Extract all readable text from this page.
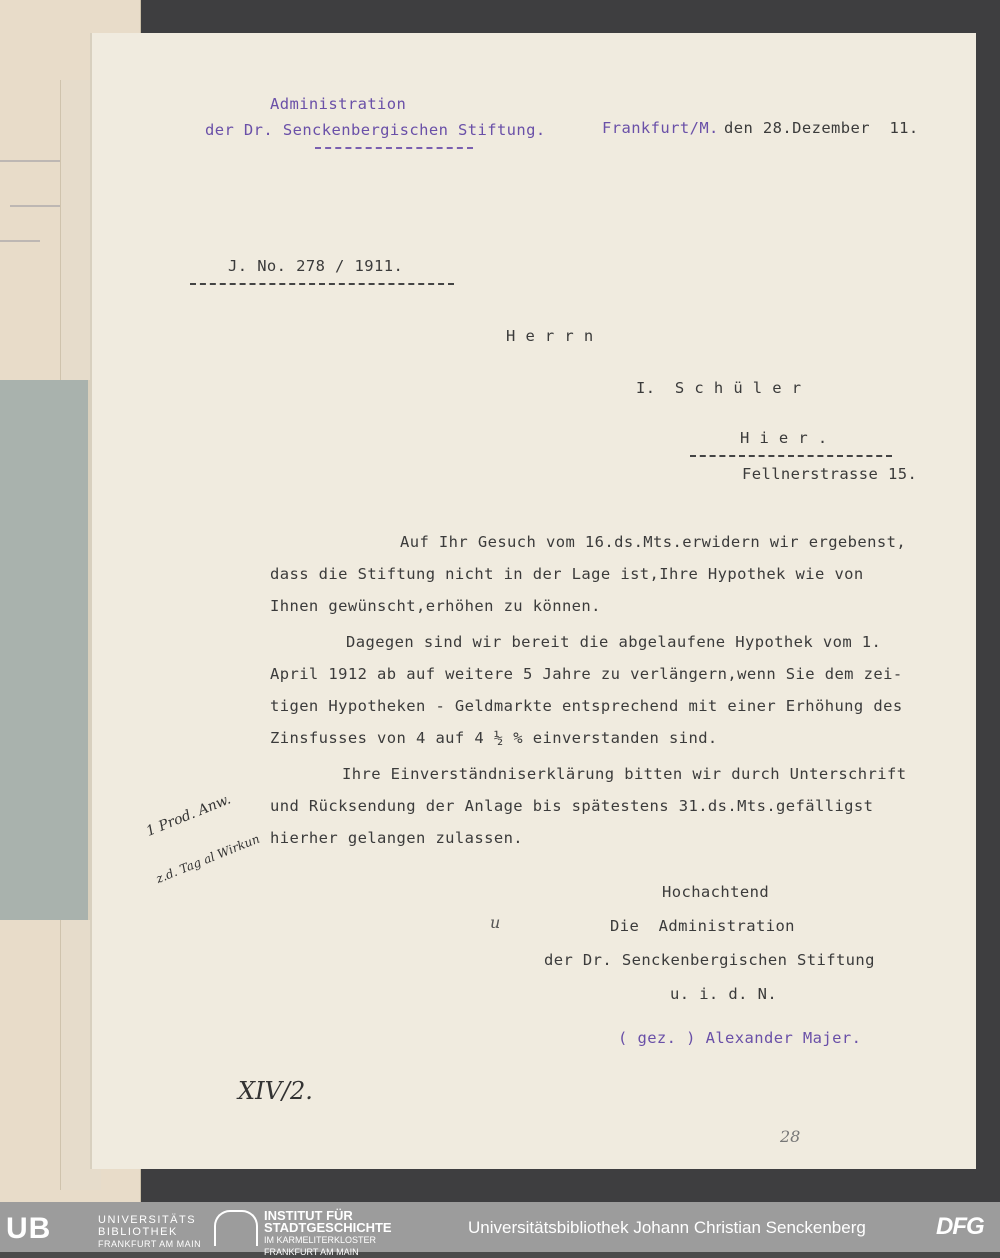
Administration
der Dr. Senckenbergischen Stiftung.	Frankfurt/M. den 28.Dezember  11.
J. No. 278 / 1911.
H e r r n
I.  S c h ü l e r
H i e r .
Fellnerstrasse 15.
Auf Ihr Gesuch vom 16.ds.Mts.erwidern wir ergebenst,
dass die Stiftung nicht in der Lage ist,Ihre Hypothek wie von
Ihnen gewünscht,erhöhen zu können.
Dagegen sind wir bereit die abgelaufene Hypothek vom 1.
April 1912 ab auf weitere 5 Jahre zu verlängern,wenn Sie dem zei-
tigen Hypotheken - Geldmarkte entsprechend mit einer Erhöhung des
Zinsfusses von 4 auf 4 ½ % einverstanden sind.
Ihre Einverständniserklärung bitten wir durch Unterschrift
und Rücksendung der Anlage bis spätestens 31.ds.Mts.gefälligst
hierher gelangen zulassen.
Hochachtend
Die  Administration
der Dr. Senckenbergischen Stiftung
u. i. d. N.
( gez. ) Alexander Majer.
1 Prod. Anw.
z.d. Tag al Wirkun
u
XIV/2.
28
UB	UNIVERSITÄTS
BIBLIOTHEK
FRANKFURT AM MAIN
INSTITUT FÜR
STADTGESCHICHTE
IM KARMELITERKLOSTER
FRANKFURT AM MAIN
Universitätsbibliothek Johann Christian Senckenberg	DFG
